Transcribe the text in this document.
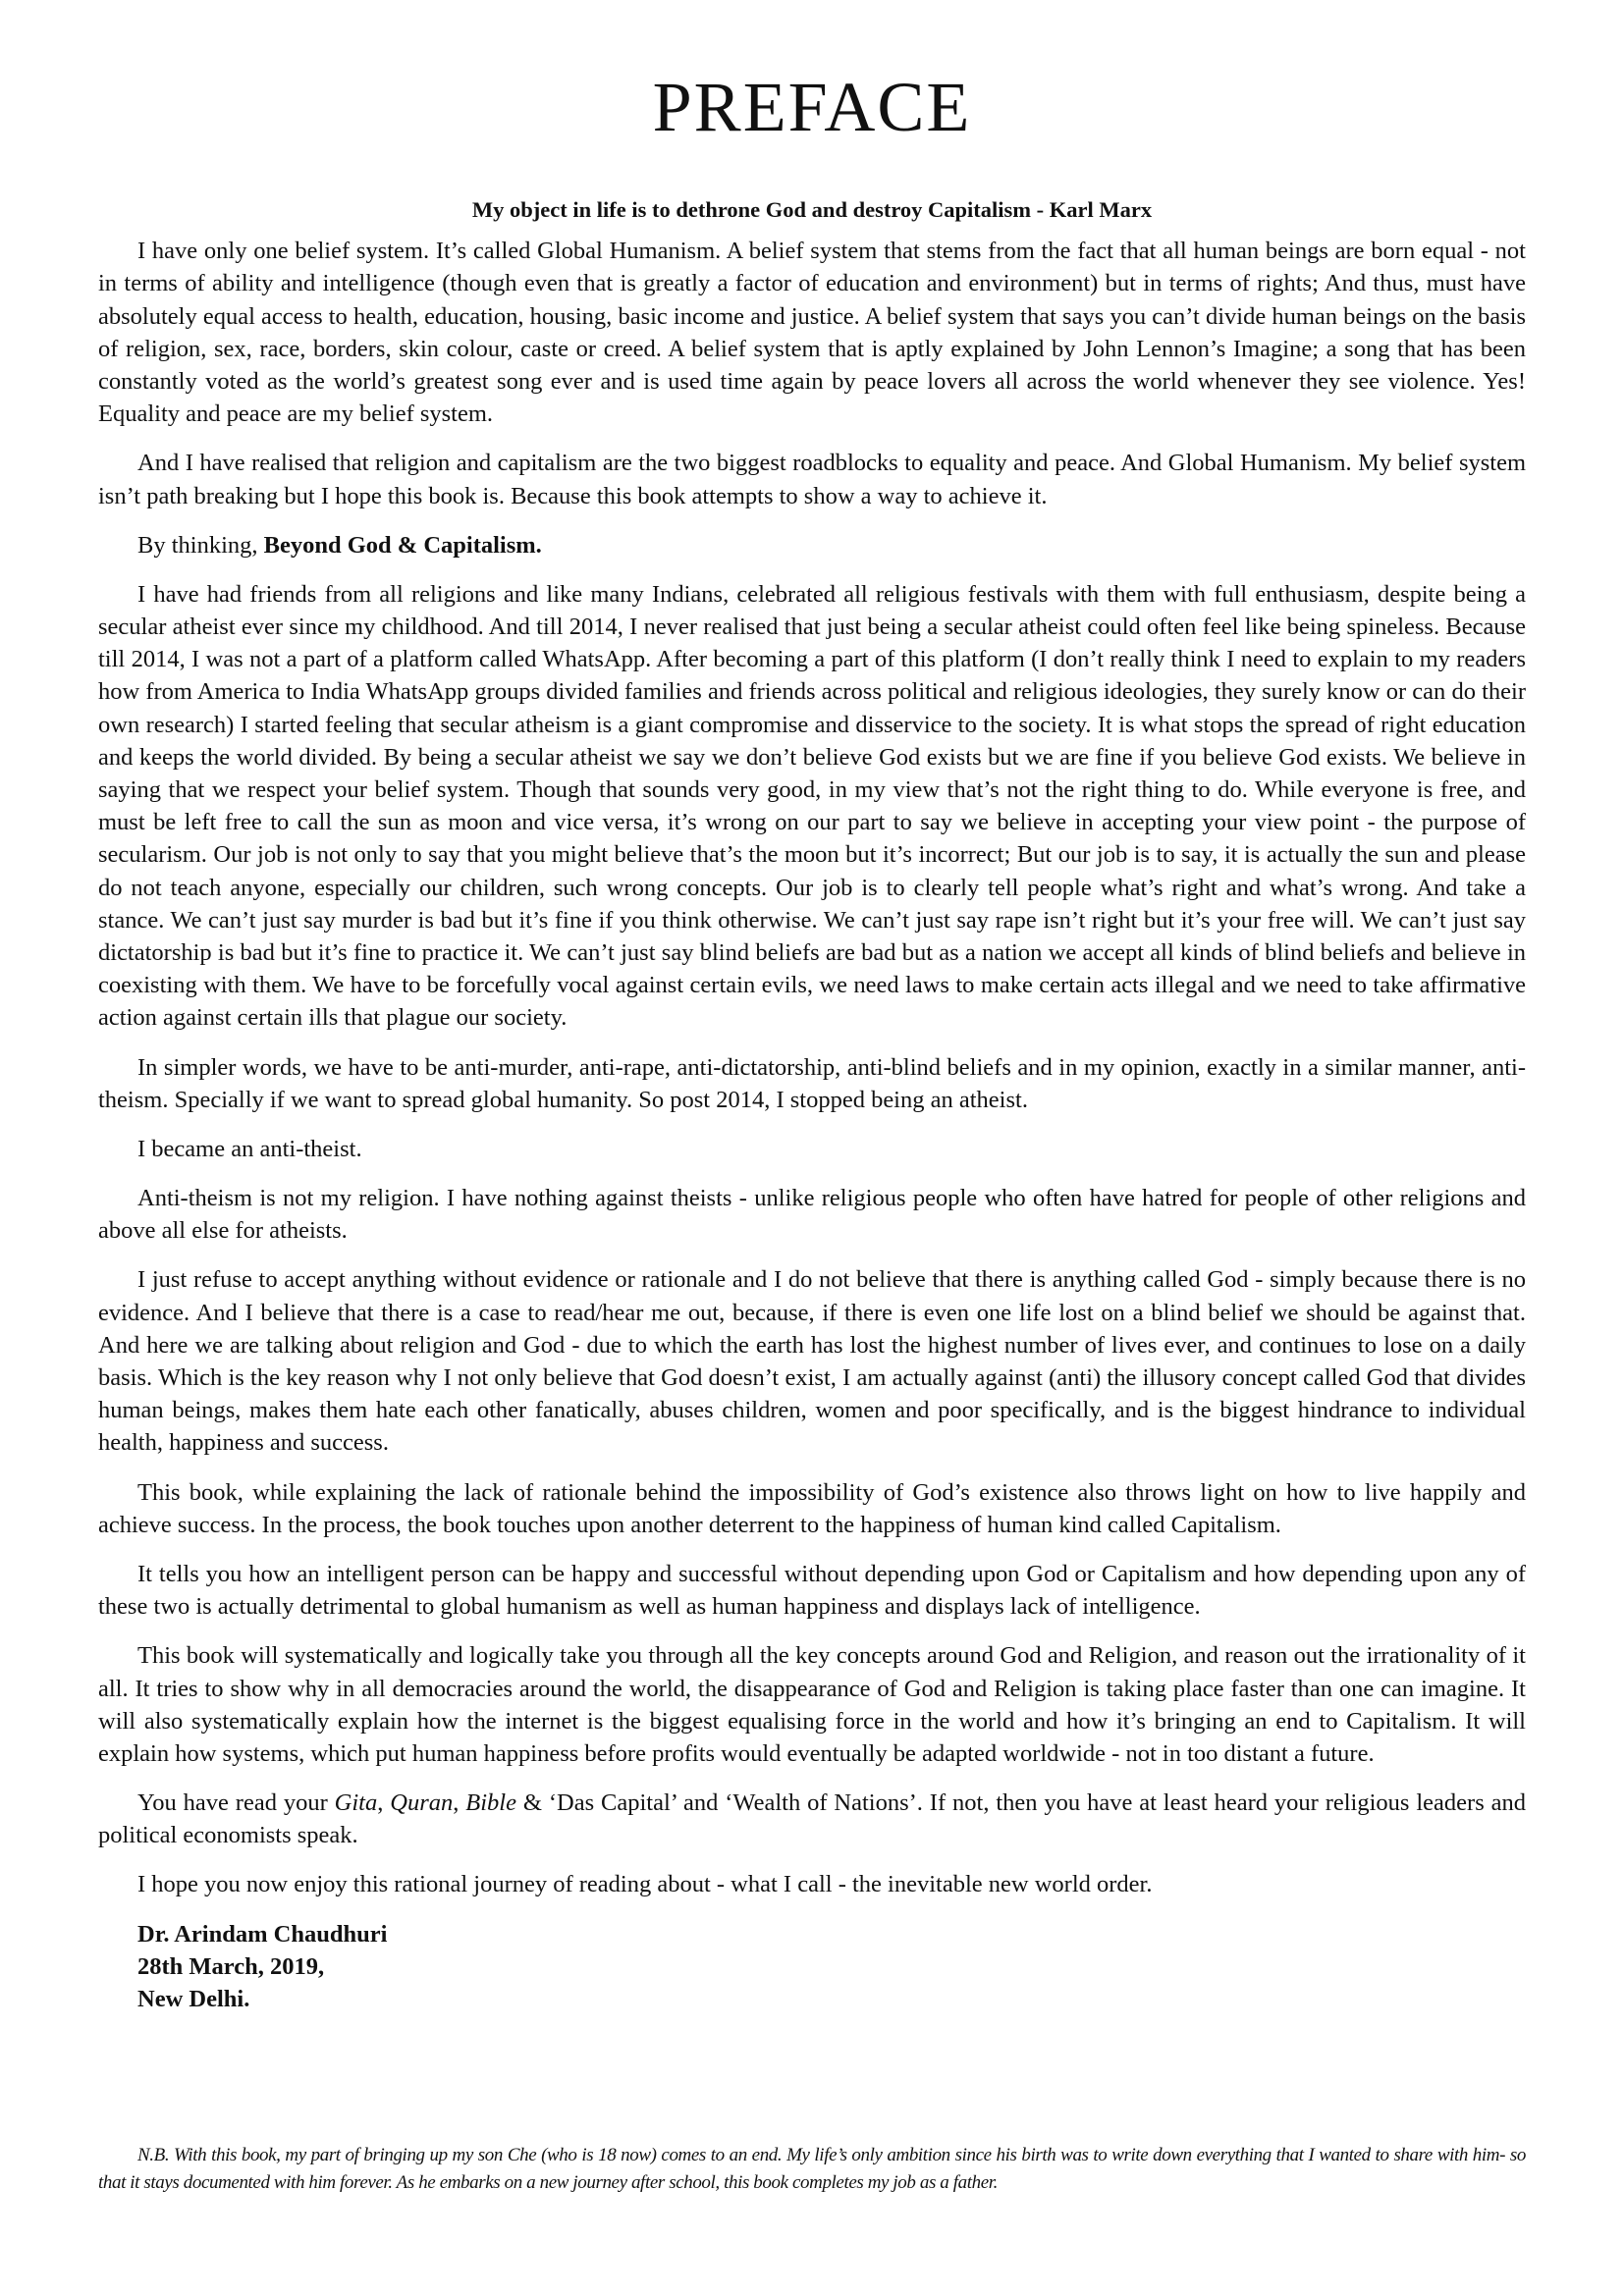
PREFACE

My object in life is to dethrone God and destroy Capitalism - Karl Marx

I have only one belief system. It’s called Global Humanism. A belief system that stems from the fact that all human beings are born equal - not in terms of ability and intelligence (though even that is greatly a factor of education and environment) but in terms of rights; And thus, must have absolutely equal access to health, education, housing, basic income and justice. A belief system that says you can’t divide human beings on the basis of religion, sex, race, borders, skin colour, caste or creed. A belief system that is aptly explained by John Lennon’s Imagine; a song that has been constantly voted as the world’s greatest song ever and is used time again by peace lovers all across the world whenever they see violence. Yes! Equality and peace are my belief system.

And I have realised that religion and capitalism are the two biggest roadblocks to equality and peace. And Global Humanism. My belief system isn’t path breaking but I hope this book is. Because this book attempts to show a way to achieve it.

By thinking, Beyond God & Capitalism.

I have had friends from all religions and like many Indians, celebrated all religious festivals with them with full enthusiasm, despite being a secular atheist ever since my childhood. And till 2014, I never realised that just being a secular atheist could often feel like being spineless. Because till 2014, I was not a part of a platform called WhatsApp. After becoming a part of this platform (I don’t really think I need to explain to my readers how from America to India WhatsApp groups divided families and friends across political and religious ideologies, they surely know or can do their own research) I started feeling that secular atheism is a giant compromise and disservice to the society. It is what stops the spread of right education and keeps the world divided. By being a secular atheist we say we don’t believe God exists but we are fine if you believe God exists. We believe in saying that we respect your belief system. Though that sounds very good, in my view that’s not the right thing to do. While everyone is free, and must be left free to call the sun as moon and vice versa, it’s wrong on our part to say we believe in accepting your view point - the purpose of secularism. Our job is not only to say that you might believe that’s the moon but it’s incorrect; But our job is to say, it is actually the sun and please do not teach anyone, especially our children, such wrong concepts. Our job is to clearly tell people what’s right and what’s wrong. And take a stance. We can’t just say murder is bad but it’s fine if you think otherwise. We can’t just say rape isn’t right but it’s your free will. We can’t just say dictatorship is bad but it’s fine to practice it. We can’t just say blind beliefs are bad but as a nation we accept all kinds of blind beliefs and believe in coexisting with them. We have to be forcefully vocal against certain evils, we need laws to make certain acts illegal and we need to take affirmative action against certain ills that plague our society.

In simpler words, we have to be anti-murder, anti-rape, anti-dictatorship, anti-blind beliefs and in my opinion, exactly in a similar manner, anti-theism. Specially if we want to spread global humanity. So post 2014, I stopped being an atheist.

I became an anti-theist.

Anti-theism is not my religion. I have nothing against theists - unlike religious people who often have hatred for people of other religions and above all else for atheists.

I just refuse to accept anything without evidence or rationale and I do not believe that there is anything called God - simply because there is no evidence. And I believe that there is a case to read/hear me out, because, if there is even one life lost on a blind belief we should be against that. And here we are talking about religion and God - due to which the earth has lost the highest number of lives ever, and continues to lose on a daily basis. Which is the key reason why I not only believe that God doesn’t exist, I am actually against (anti) the illusory concept called God that divides human beings, makes them hate each other fanatically, abuses children, women and poor specifically, and is the biggest hindrance to individual health, happiness and success.

This book, while explaining the lack of rationale behind the impossibility of God’s existence also throws light on how to live happily and achieve success. In the process, the book touches upon another deterrent to the happiness of human kind called Capitalism.

It tells you how an intelligent person can be happy and successful without depending upon God or Capitalism and how depending upon any of these two is actually detrimental to global humanism as well as human happiness and displays lack of intelligence.

This book will systematically and logically take you through all the key concepts around God and Religion, and reason out the irrationality of it all. It tries to show why in all democracies around the world, the disappearance of God and Religion is taking place faster than one can imagine. It will also systematically explain how the internet is the biggest equalising force in the world and how it’s bringing an end to Capitalism. It will explain how systems, which put human happiness before profits would eventually be adapted worldwide - not in too distant a future.

You have read your Gita, Quran, Bible & ‘Das Capital’ and ‘Wealth of Nations’. If not, then you have at least heard your religious leaders and political economists speak.

I hope you now enjoy this rational journey of reading about - what I call - the inevitable new world order.

Dr. Arindam Chaudhuri
28th March, 2019,
New Delhi.

N.B. With this book, my part of bringing up my son Che (who is 18 now) comes to an end. My life’s only ambition since his birth was to write down everything that I wanted to share with him- so that it stays documented with him forever. As he embarks on a new journey after school, this book completes my job as a father.
